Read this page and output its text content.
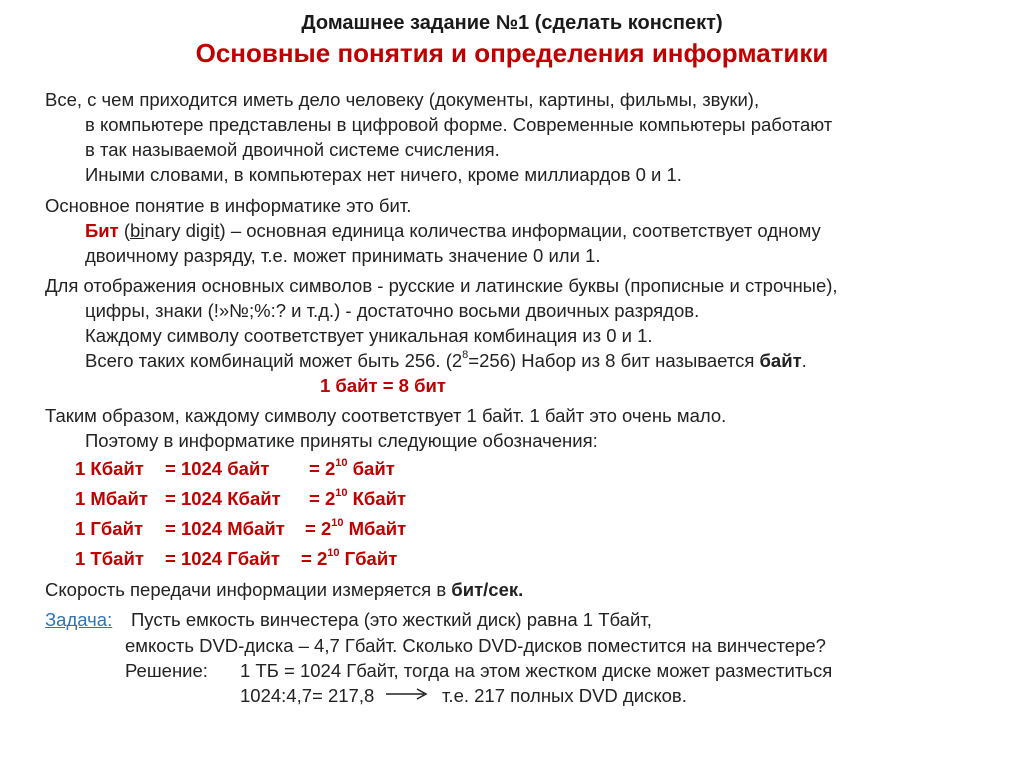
Домашнее задание №1 (сделать конспект)
Основные понятия и определения информатики
Все, с чем приходится иметь дело человеку (документы, картины, фильмы, звуки),
в компьютере представлены в цифровой форме. Современные компьютеры работают
в так называемой двоичной системе счисления.
Иными словами, в компьютерах нет ничего, кроме миллиардов 0 и 1.
Основное понятие в информатике это бит.
Бит (binary digit) – основная единица количества информации, соответствует одному
двоичному разряду, т.е. может принимать значение 0 или 1.
Для отображения основных символов - русские и латинские буквы (прописные и строчные),
цифры, знаки (!»№;%:? и т.д.) - достаточно восьми двоичных разрядов.
Каждому символу соответствует уникальная комбинация из 0 и 1.
Всего таких комбинаций может быть 256. $(2^8=256)$ Набор из 8 бит называется байт.
1 байт = 8 бит
Таким образом, каждому символу соответствует 1 байт. 1 байт это очень мало.
Поэтому в информатике приняты следующие обозначения:
1 Кбайт = 1024 байт = $2^{10}$ байт
1 Мбайт = 1024 Кбайт = $2^{10}$ Кбайт
1 Гбайт = 1024 Мбайт = $2^{10}$ Мбайт
1 Тбайт = 1024 Гбайт = $2^{10}$ Гбайт
Скорость передачи информации измеряется в бит/сек.
Задача: Пусть емкость винчестера (это жесткий диск) равна 1 Тбайт,
емкость DVD-диска – 4,7 Гбайт. Сколько DVD-дисков поместится на винчестере?
Решение: 1 ТБ = 1024 Гбайт, тогда на этом жестком диске может разместиться
1024:4,7= 217,8	т.е. 217 полных DVD дисков.
